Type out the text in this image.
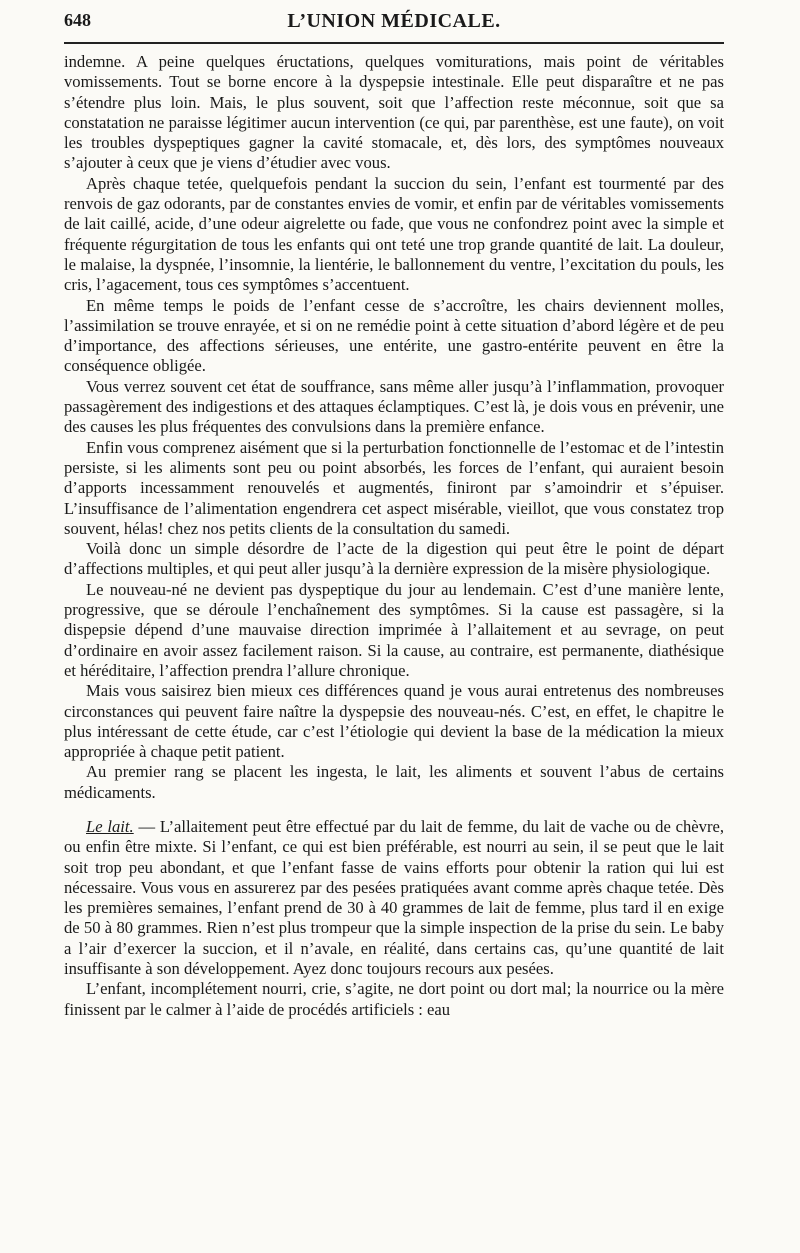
648	L’UNION MÉDICALE.

indemne. A peine quelques éructations, quelques vomiturations, mais point de véritables vomissements. Tout se borne encore à la dyspepsie intestinale. Elle peut disparaître et ne pas s’étendre plus loin. Mais, le plus souvent, soit que l’affection reste méconnue, soit que sa constatation ne paraisse légitimer aucun intervention (ce qui, par parenthèse, est une faute), on voit les troubles dyspeptiques gagner la cavité stomacale, et, dès lors, des symptômes nouveaux s’ajouter à ceux que je viens d’étudier avec vous.

Après chaque tetée, quelquefois pendant la succion du sein, l’enfant est tourmenté par des renvois de gaz odorants, par de constantes envies de vomir, et enfin par de véritables vomissements de lait caillé, acide, d’une odeur aigrelette ou fade, que vous ne confondrez point avec la simple et fréquente régurgitation de tous les enfants qui ont teté une trop grande quantité de lait. La douleur, le malaise, la dyspnée, l’insomnie, la lientérie, le ballonnement du ventre, l’excitation du pouls, les cris, l’agacement, tous ces symptômes s’accentuent.

En même temps le poids de l’enfant cesse de s’accroître, les chairs deviennent molles, l’assimilation se trouve enrayée, et si on ne remédie point à cette situation d’abord légère et de peu d’importance, des affections sérieuses, une entérite, une gastro-entérite peuvent en être la conséquence obligée.

Vous verrez souvent cet état de souffrance, sans même aller jusqu’à l’inflammation, provoquer passagèrement des indigestions et des attaques éclamptiques. C’est là, je dois vous en prévenir, une des causes les plus fréquentes des convulsions dans la première enfance.

Enfin vous comprenez aisément que si la perturbation fonctionnelle de l’estomac et de l’intestin persiste, si les aliments sont peu ou point absorbés, les forces de l’enfant, qui auraient besoin d’apports incessamment renouvelés et augmentés, finiront par s’amoindrir et s’épuiser. L’insuffisance de l’alimentation engendrera cet aspect misérable, vieillot, que vous constatez trop souvent, hélas! chez nos petits clients de la consultation du samedi.

Voilà donc un simple désordre de l’acte de la digestion qui peut être le point de départ d’affections multiples, et qui peut aller jusqu’à la dernière expression de la misère physiologique.

Le nouveau-né ne devient pas dyspeptique du jour au lendemain. C’est d’une manière lente, progressive, que se déroule l’enchaînement des symptômes. Si la cause est passagère, si la dispepsie dépend d’une mauvaise direction imprimée à l’allaitement et au sevrage, on peut d’ordinaire en avoir assez facilement raison. Si la cause, au contraire, est permanente, diathésique et héréditaire, l’affection prendra l’allure chronique.

Mais vous saisirez bien mieux ces différences quand je vous aurai entretenus des nombreuses circonstances qui peuvent faire naître la dyspepsie des nouveau-nés. C’est, en effet, le chapitre le plus intéressant de cette étude, car c’est l’étiologie qui devient la base de la médication la mieux appropriée à chaque petit patient.

Au premier rang se placent les ingesta, le lait, les aliments et souvent l’abus de certains médicaments.

Le lait. — L’allaitement peut être effectué par du lait de femme, du lait de vache ou de chèvre, ou enfin être mixte. Si l’enfant, ce qui est bien préférable, est nourri au sein, il se peut que le lait soit trop peu abondant, et que l’enfant fasse de vains efforts pour obtenir la ration qui lui est nécessaire. Vous vous en assurerez par des pesées pratiquées avant comme après chaque tetée. Dès les premières semaines, l’enfant prend de 30 à 40 grammes de lait de femme, plus tard il en exige de 50 à 80 grammes. Rien n’est plus trompeur que la simple inspection de la prise du sein. Le baby a l’air d’exercer la succion, et il n’avale, en réalité, dans certains cas, qu’une quantité de lait insuffisante à son développement. Ayez donc toujours recours aux pesées.

L’enfant, incomplétement nourri, crie, s’agite, ne dort point ou dort mal; la nourrice ou la mère finissent par le calmer à l’aide de procédés artificiels : eau
